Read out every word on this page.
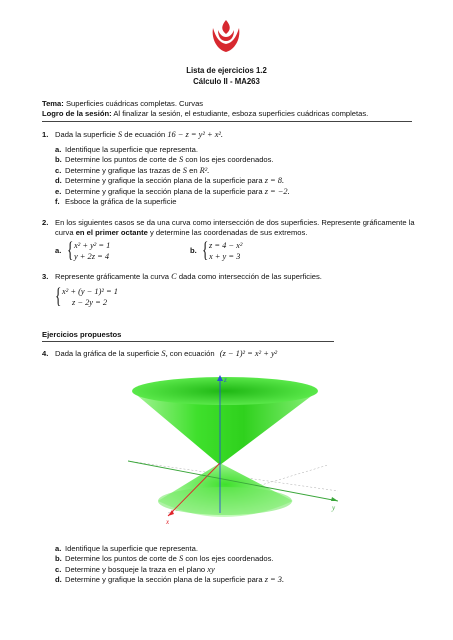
Lista de ejercicios 1.2
Cálculo II - MA263
Tema: Superficies cuádricas completas. Curvas
Logro de la sesión: Al finalizar la sesión, el estudiante, esboza superficies cuádricas completas.
1. Dada la superficie S de ecuación 16 − z = y² + x².
a. Identifique la superficie que representa.
b. Determine los puntos de corte de S con los ejes coordenados.
c. Determine y grafique las trazas de S en R².
d. Determine y grafique la sección plana de la superficie para z = 8.
e. Determine y grafique la sección plana de la superficie para z = −2.
f. Esboce la gráfica de la superficie
2. En los siguientes casos se da una curva como intersección de dos superficies. Represente gráficamente la
curva en el primer octante y determine las coordenadas de sus extremos.
a. { x² + y² = 1
y + 2z = 4
b. { z = 4 − x²
x + y = 3
3. Represente gráficamente la curva C dada como intersección de las superficies.
{ x² + (y − 1)² = 1
z − 2y = 2
Ejercicios propuestos
4. Dada la gráfica de la superficie S, con ecuación (z − 1)² = x² + y²
x
y
z
a. Identifique la superficie que representa.
b. Determine los puntos de corte de S con los ejes coordenados.
c. Determine y bosqueje la traza en el plano xy
d. Determine y grafique la sección plana de la superficie para z = 3.
